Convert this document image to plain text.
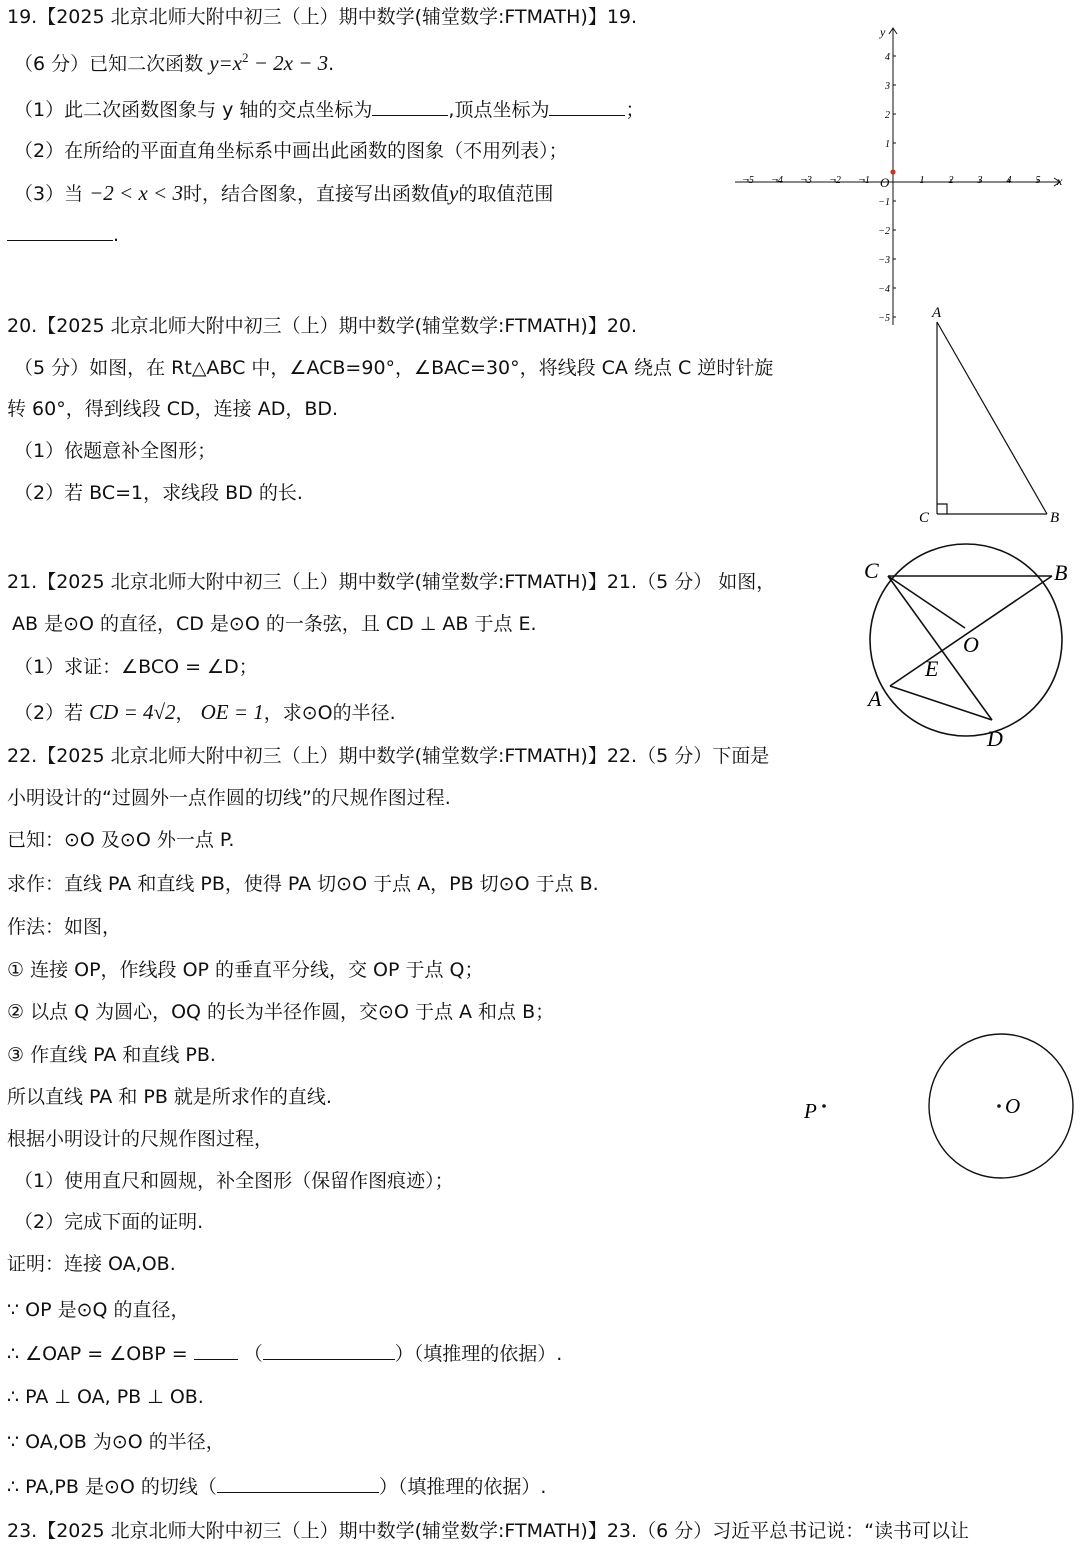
19.【2025 北京北师大附中初三（上）期中数学(辅堂数学:FTMATH)】19.
（6 分）已知二次函数 $y=x^2 - 2x - 3$.
（1）此二次函数图象与 y 轴的交点坐标为	,顶点坐标为	；
（2）在所给的平面直角坐标系中画出此函数的图象（不用列表）；
（3）当 −2 < x < 3时，结合图象，直接写出函数值y的取值范围
.
−5 −4 −3 −2 −1	1 2 3 4 5
4
3
2
1
−1
−2
−3
−4
−5
x
y
O
20.【2025 北京北师大附中初三（上）期中数学(辅堂数学:FTMATH)】20.
（5 分）如图，在 Rt△ABC 中，∠ACB=90°，∠BAC=30°，将线段 CA 绕点 C 逆时针旋
转 60°，得到线段 CD，连接 AD，BD.
（1）依题意补全图形；
（2）若 BC=1，求线段 BD 的长.
A
C	B
21.【2025 北京北师大附中初三（上）期中数学(辅堂数学:FTMATH)】21.（5 分） 如图，
AB 是⊙O 的直径，CD 是⊙O 的一条弦，且 CD ⊥ AB 于点 E.
（1）求证：∠BCO = ∠D；
（2）若 CD = 4√2， OE = 1，求⊙O的半径.
C	B
O
E
A
D
22.【2025 北京北师大附中初三（上）期中数学(辅堂数学:FTMATH)】22.（5 分）下面是
小明设计的“过圆外一点作圆的切线”的尺规作图过程.
已知：⊙O 及⊙O 外一点 P.
求作：直线 PA 和直线 PB，使得 PA 切⊙O 于点 A，PB 切⊙O 于点 B.
作法：如图，
① 连接 OP，作线段 OP 的垂直平分线，交 OP 于点 Q；
② 以点 Q 为圆心，OQ 的长为半径作圆，交⊙O 于点 A 和点 B；
③ 作直线 PA 和直线 PB.
所以直线 PA 和 PB 就是所求作的直线.
根据小明设计的尺规作图过程，
（1）使用直尺和圆规，补全图形（保留作图痕迹）；
（2）完成下面的证明.
证明：连接 OA,OB.
∵ OP 是⊙Q 的直径，
∴ ∠OAP = ∠OBP =	（	）（填推理的依据）.
∴ PA ⊥ OA, PB ⊥ OB.
∵ OA,OB 为⊙O 的半径，
∴ PA,PB 是⊙O 的切线（	）（填推理的依据）.
P	O
23.【2025 北京北师大附中初三（上）期中数学(辅堂数学:FTMATH)】23.（6 分）习近平总书记说：“读书可以让
